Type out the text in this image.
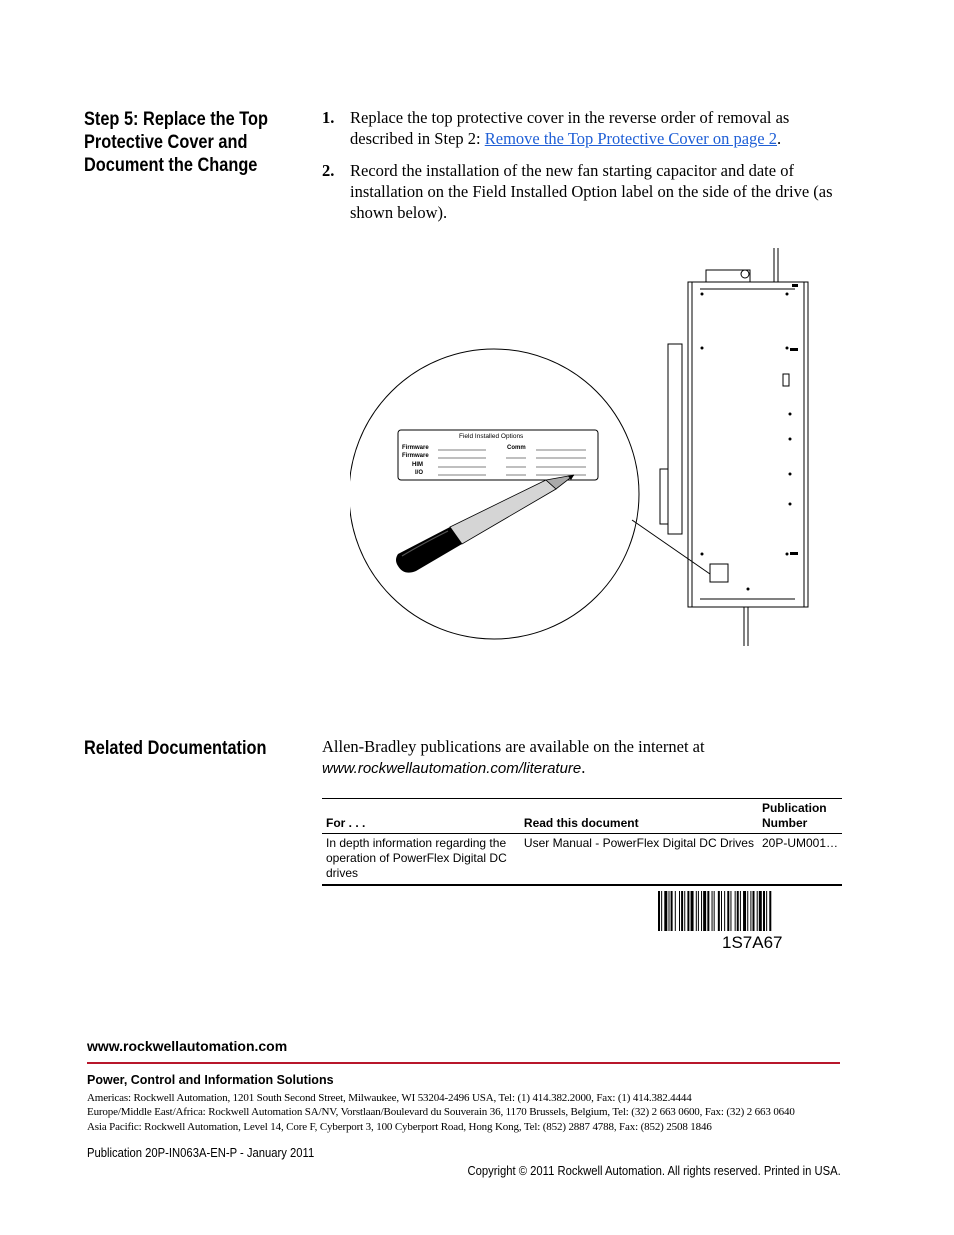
Step 5: Replace the Top
Protective Cover and
Document the Change
1. Replace the top protective cover in the reverse order of removal as described in Step 2: Remove the Top Protective Cover on page 2.
2. Record the installation of the new fan starting capacitor and date of installation on the Field Installed Option label on the side of the drive (as shown below).
Field Installed Options
Firmware
Firmware
HIM
I/O
Comm
Related Documentation	Allen-Bradley publications are available on the internet at
www.rockwellautomation.com/literature.
For . . .	Read this document	Publication Number
In depth information regarding the operation of PowerFlex Digital DC drives	User Manual - PowerFlex Digital DC Drives	20P-UM001…
1S7A67
www.rockwellautomation.com
Power, Control and Information Solutions
Americas: Rockwell Automation, 1201 South Second Street, Milwaukee, WI 53204-2496 USA, Tel: (1) 414.382.2000, Fax: (1) 414.382.4444
Europe/Middle East/Africa: Rockwell Automation SA/NV, Vorstlaan/Boulevard du Souverain 36, 1170 Brussels, Belgium, Tel: (32) 2 663 0600, Fax: (32) 2 663 0640
Asia Pacific: Rockwell Automation, Level 14, Core F, Cyberport 3, 100 Cyberport Road, Hong Kong, Tel: (852) 2887 4788, Fax: (852) 2508 1846
Publication 20P-IN063A-EN-P - January 2011
Copyright © 2011 Rockwell Automation. All rights reserved. Printed in USA.
